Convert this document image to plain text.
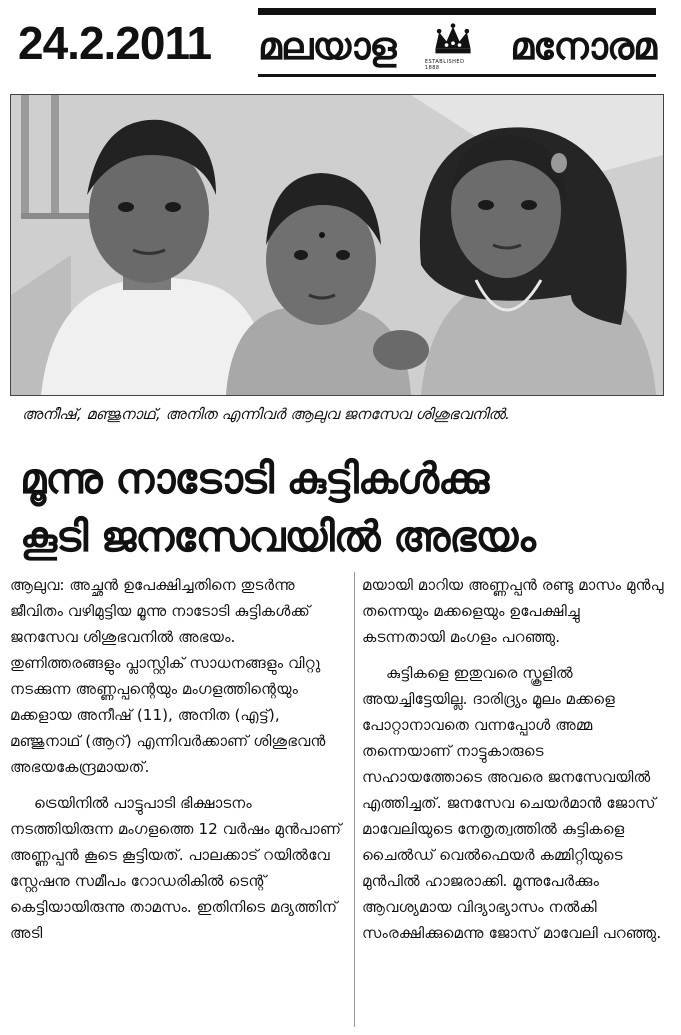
24.2.2011 മലയാള	ESTABLISHED 1888	മനോരമ
അനീഷ്, മഞ്ജുനാഥ്, അനിത എന്നിവർ ആലുവ ജനസേവ ശിശുഭവനിൽ.
മൂന്നു നാടോടി കുട്ടികൾക്കു
കൂടി ജനസേവയിൽ അഭയം

ആലുവ: അച്ഛൻ ഉപേക്ഷിച്ചതിനെ തുടർന്നു ജീവിതം വഴിമുട്ടിയ മൂന്നു നാടോടി കുട്ടികൾക്ക് ജനസേവ ശിശുഭവനിൽ അഭയം. തുണിത്തരങ്ങളും പ്ലാസ്റ്റിക് സാധനങ്ങളും വിറ്റു നടക്കുന്ന അണ്ണപ്പന്റെയും മംഗളത്തിന്റെയും മക്കളായ അനീഷ് (11), അനിത (എട്ട്), മഞ്ജുനാഥ് (ആറ്) എന്നിവർക്കാണ് ശിശുഭവൻ അഭയകേന്ദ്രമായത്.

ട്രെയിനിൽ പാട്ടുപാടി ഭിക്ഷാടനം നടത്തിയിരുന്ന മംഗളത്തെ 12 വർഷം മുൻപാണ് അണ്ണപ്പൻ കൂടെ കൂട്ടിയത്. പാലക്കാട് റയിൽവേ സ്റ്റേഷനു സമീപം റോഡരികിൽ ടെന്റ് കെട്ടിയായിരുന്നു താമസം. ഇതിനിടെ മദ്യത്തിന് അടി

മയായി മാറിയ അണ്ണപ്പൻ രണ്ടു മാസം മുൻപു തന്നെയും മക്കളെയും ഉപേക്ഷിച്ചു കടന്നതായി മംഗളം പറഞ്ഞു.

കുട്ടികളെ ഇതുവരെ സ്കൂളിൽ അയച്ചിട്ടേയില്ല. ദാരിദ്ര്യം മൂലം മക്കളെ പോറ്റാനാവതെ വന്നപ്പോൾ അമ്മ തന്നെയാണ് നാട്ടുകാരുടെ സഹായത്തോടെ അവരെ ജനസേവയിൽ എത്തിച്ചത്. ജനസേവ ചെയർമാൻ ജോസ് മാവേലിയുടെ നേതൃത്വത്തിൽ കുട്ടികളെ ചൈൽഡ് വെൽഫെയർ കമ്മിറ്റിയുടെ മുൻപിൽ ഹാജരാക്കി. മൂന്നുപേർക്കും ആവശ്യമായ വിദ്യാഭ്യാസം നൽകി സംരക്ഷിക്കുമെന്നു ജോസ് മാവേലി പറഞ്ഞു.
